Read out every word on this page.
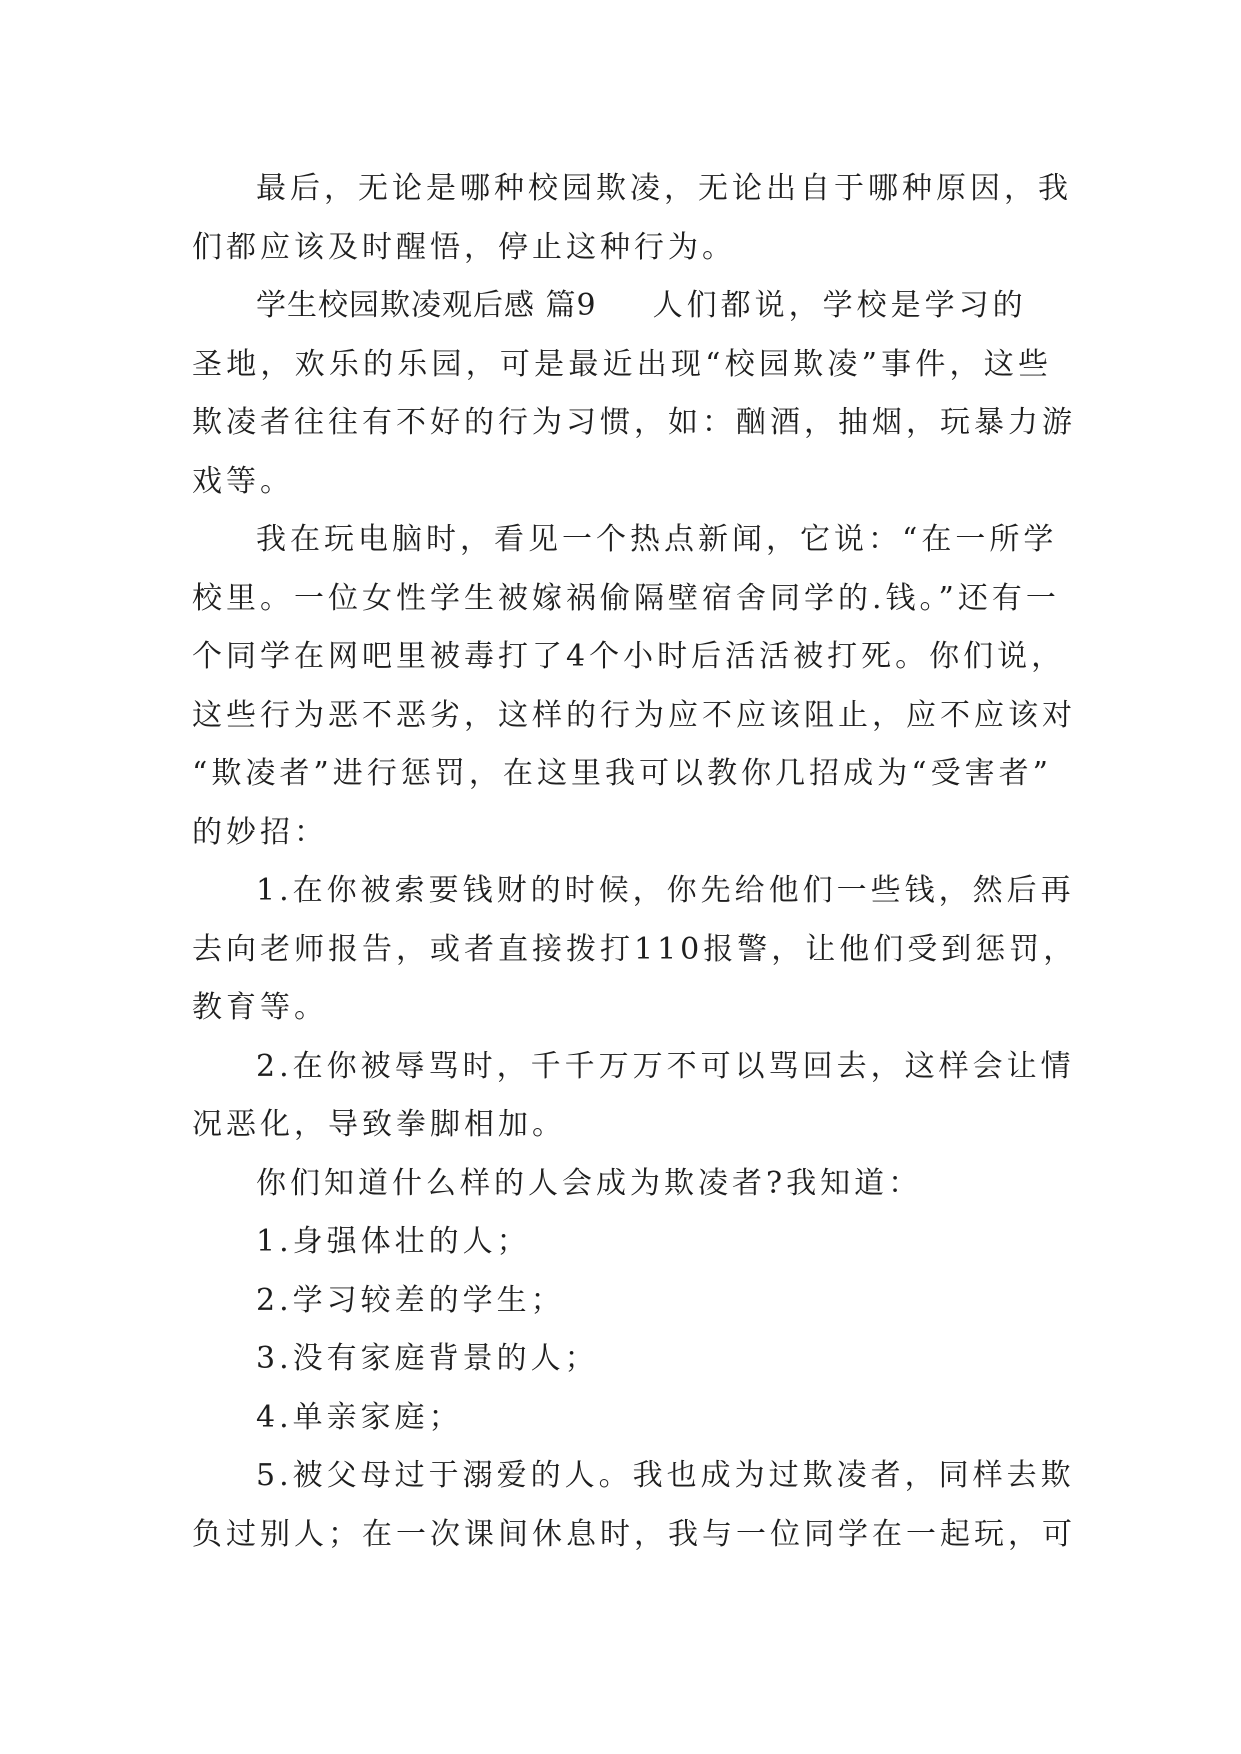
最后，无论是哪种校园欺凌，无论出自于哪种原因，我
们都应该及时醒悟，停止这种行为。
学生校园欺凌观后感 篇9 人们都说，学校是学习的
圣地，欢乐的乐园，可是最近出现“校园欺凌”事件，这些
欺凌者往往有不好的行为习惯，如：酗酒，抽烟，玩暴力游
戏等。
我在玩电脑时，看见一个热点新闻，它说：“在一所学
校里。一位女性学生被嫁祸偷隔壁宿舍同学的.钱。”还有一
个同学在网吧里被毒打了4个小时后活活被打死。你们说，
这些行为恶不恶劣，这样的行为应不应该阻止，应不应该对
“欺凌者”进行惩罚，在这里我可以教你几招成为“受害者”
的妙招：
1.在你被索要钱财的时候，你先给他们一些钱，然后再
去向老师报告，或者直接拨打110报警，让他们受到惩罚，
教育等。
2.在你被辱骂时，千千万万不可以骂回去，这样会让情
况恶化，导致拳脚相加。
你们知道什么样的人会成为欺凌者?我知道：
1.身强体壮的人；
2.学习较差的学生；
3.没有家庭背景的人；
4.单亲家庭；
5.被父母过于溺爱的人。我也成为过欺凌者，同样去欺
负过别人；在一次课间休息时，我与一位同学在一起玩，可
